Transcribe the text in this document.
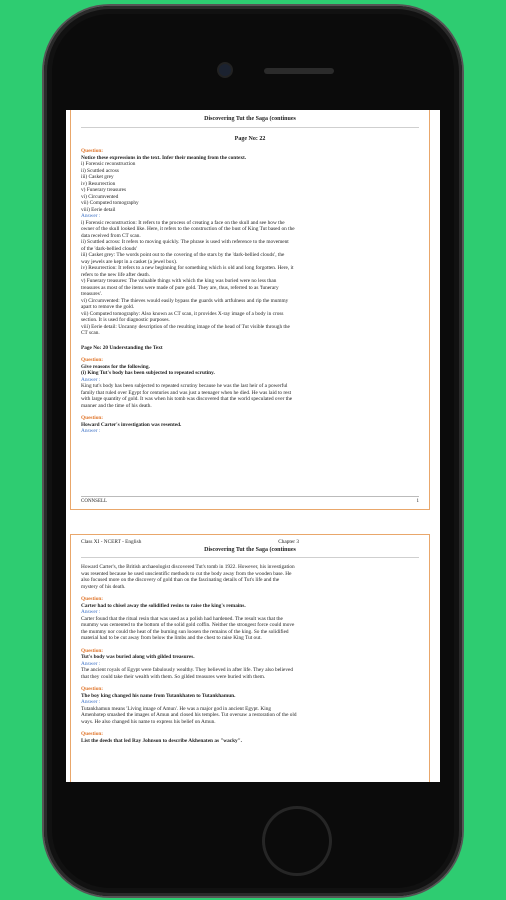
Discovering Tut the Saga (continues
Page No: 22
Question:
Notice these expressions in the text. Infer their meaning from the context.
i) Forensic reconstruction
ii) Scuttled across
iii) Casket grey
iv) Resurrection
v) Funerary treasures
vi) Circumvented
vii) Computed tomography
viii) Eerie detail
Answer :
i) Forensic reconstruction: It refers to the process of creating a face on the skull and see how the
owner of the skull looked like. Here, it refers to the construction of the bust of King Tut based on the
data received from CT scan.
ii) Scuttled across: It refers to moving quickly. The phrase is used with reference to the movement
of the 'dark-bellied clouds'
iii) Casket grey: The words point out to the covering of the stars by the 'dark-bellied clouds', the
way jewels are kept in a casket (a jewel box).
iv) Resurrection: It refers to a new beginning for something which is old and long forgotten. Here, it
refers to the new life after death.
v) Funerary treasures: The valuable things with which the king was buried were no less than
treasures as most of the items were made of pure gold. They are, thus, referred to as 'funerary
treasures'.
vi) Circumvented: The thieves would easily bypass the guards with artfulness and rip the mummy
apart to remove the gold.
vii) Computed tomography: Also known as CT scan, it provides X-ray image of a body in cross
section. It is used for diagnostic purposes.
viii) Eerie detail: Uncanny description of the resulting image of the head of Tut visible through the
CT scan.
Page No: 20 Understanding the Text
Question:
Give reasons for the following.
(i) King Tut's body has been subjected to repeated scrutiny.
Answer :
King tut's body has been subjected to repeated scrutiny because he was the last heir of a powerful
family that ruled over Egypt for centuries and was just a teenager when he died. He was laid to rest
with large quantity of gold. It was when his tomb was discovered that the world speculated over the
manner and the time of his death.
Question:
Howard Carter's investigation was resented.
Answer :
CONNSELL	1
Class XI - NCERT - English	Chapter 3
Discovering Tut the Saga (continues
Howard Carter's, the British archaeologist discovered Tut's tomb in 1922. However, his investigation
was resented because he used unscientific methods to cut the body away from the wooden base. He
also focused more on the discovery of gold than on the fascinating details of Tut's life and the
mystery of his death.
Question:
Carter had to chisel away the solidified resins to raise the king's remains.
Answer :
Carter found that the ritual resin that was used as a polish had hardened. The result was that the
mummy was cemented to the bottom of the solid gold coffin. Neither the strongest force could move
the mummy nor could the heat of the burning sun loosen the remains of the king. So the solidified
material had to be cut away from below the limbs and the chest to raise King Tut out.
Question:
Tut's body was buried along with gilded treasures.
Answer :
The ancient royals of Egypt were fabulously wealthy. They believed in after life. They also believed
that they could take their wealth with them. So gilded treasures were buried with them.
Question:
The boy king changed his name from Tutankhaten to Tutankhamun.
Answer :
Tutankhamun means 'Living image of Amun'. He was a major god in ancient Egypt. King
Amenhotep smashed the images of Amun and closed his temples. Tut oversaw a restoration of the old
ways. He also changed his name to express his belief on Amun.
Question:
List the deeds that led Ray Johnson to describe Akhenaten as "wacky".
